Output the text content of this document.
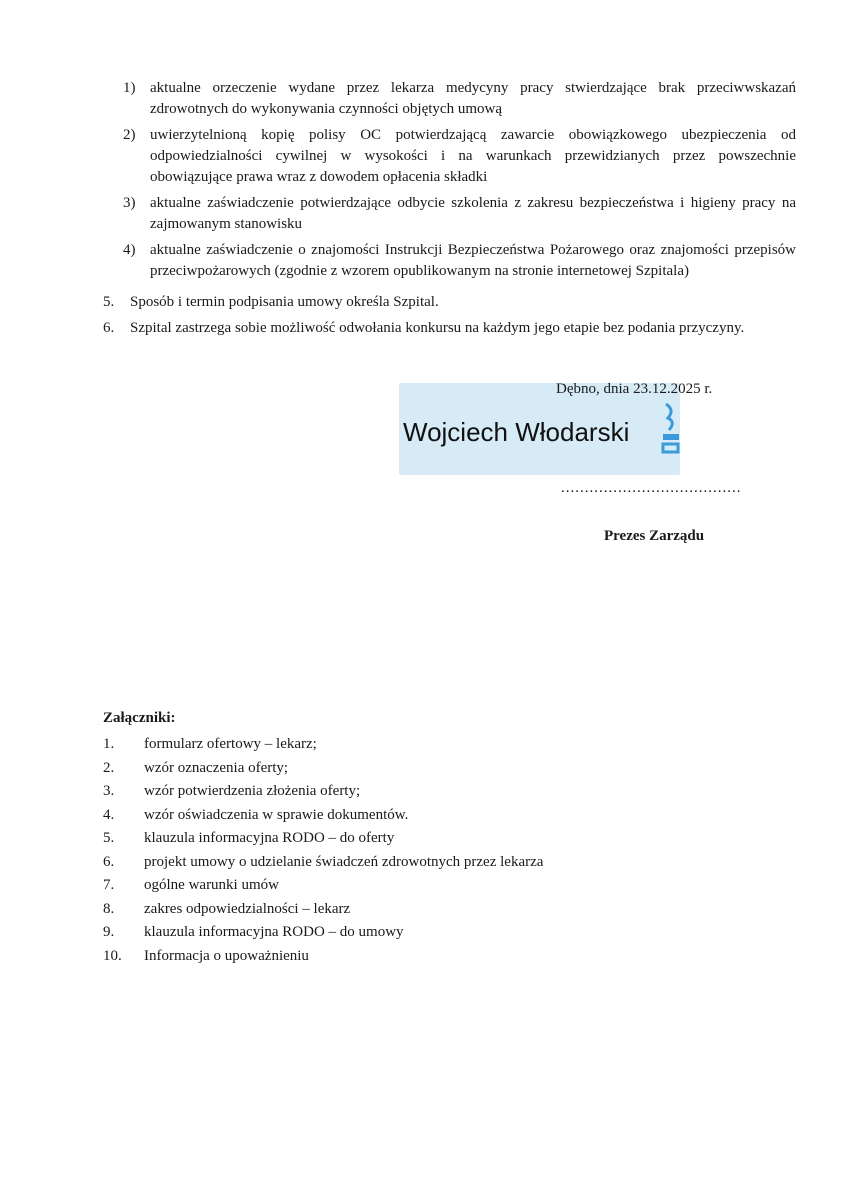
1) aktualne orzeczenie wydane przez lekarza medycyny pracy stwierdzające brak przeciwwskazań zdrowotnych do wykonywania czynności objętych umową
2) uwierzytelnioną kopię polisy OC potwierdzającą zawarcie obowiązkowego ubezpieczenia od odpowiedzialności cywilnej w wysokości i na warunkach przewidzianych przez powszechnie obowiązujące prawa wraz z dowodem opłacenia składki
3) aktualne zaświadczenie potwierdzające odbycie szkolenia z zakresu bezpieczeństwa i higieny pracy na zajmowanym stanowisku
4) aktualne zaświadczenie o znajomości Instrukcji Bezpieczeństwa Pożarowego oraz znajomości przepisów przeciwpożarowych (zgodnie z wzorem opublikowanym na stronie internetowej Szpitala)
5. Sposób i termin podpisania umowy określa Szpital.
6. Szpital zastrzega sobie możliwość odwołania konkursu na każdym jego etapie bez podania przyczyny.
Wojciech Włodarski
Dębno, dnia 23.12.2025 r.
......................................
Prezes Zarządu
Załączniki:
1. formularz ofertowy – lekarz;
2. wzór oznaczenia oferty;
3. wzór potwierdzenia złożenia oferty;
4. wzór oświadczenia w sprawie dokumentów.
5. klauzula informacyjna RODO – do oferty
6. projekt umowy o udzielanie świadczeń zdrowotnych przez lekarza
7. ogólne warunki umów
8. zakres odpowiedzialności – lekarz
9. klauzula informacyjna RODO – do umowy
10. Informacja o upoważnieniu
